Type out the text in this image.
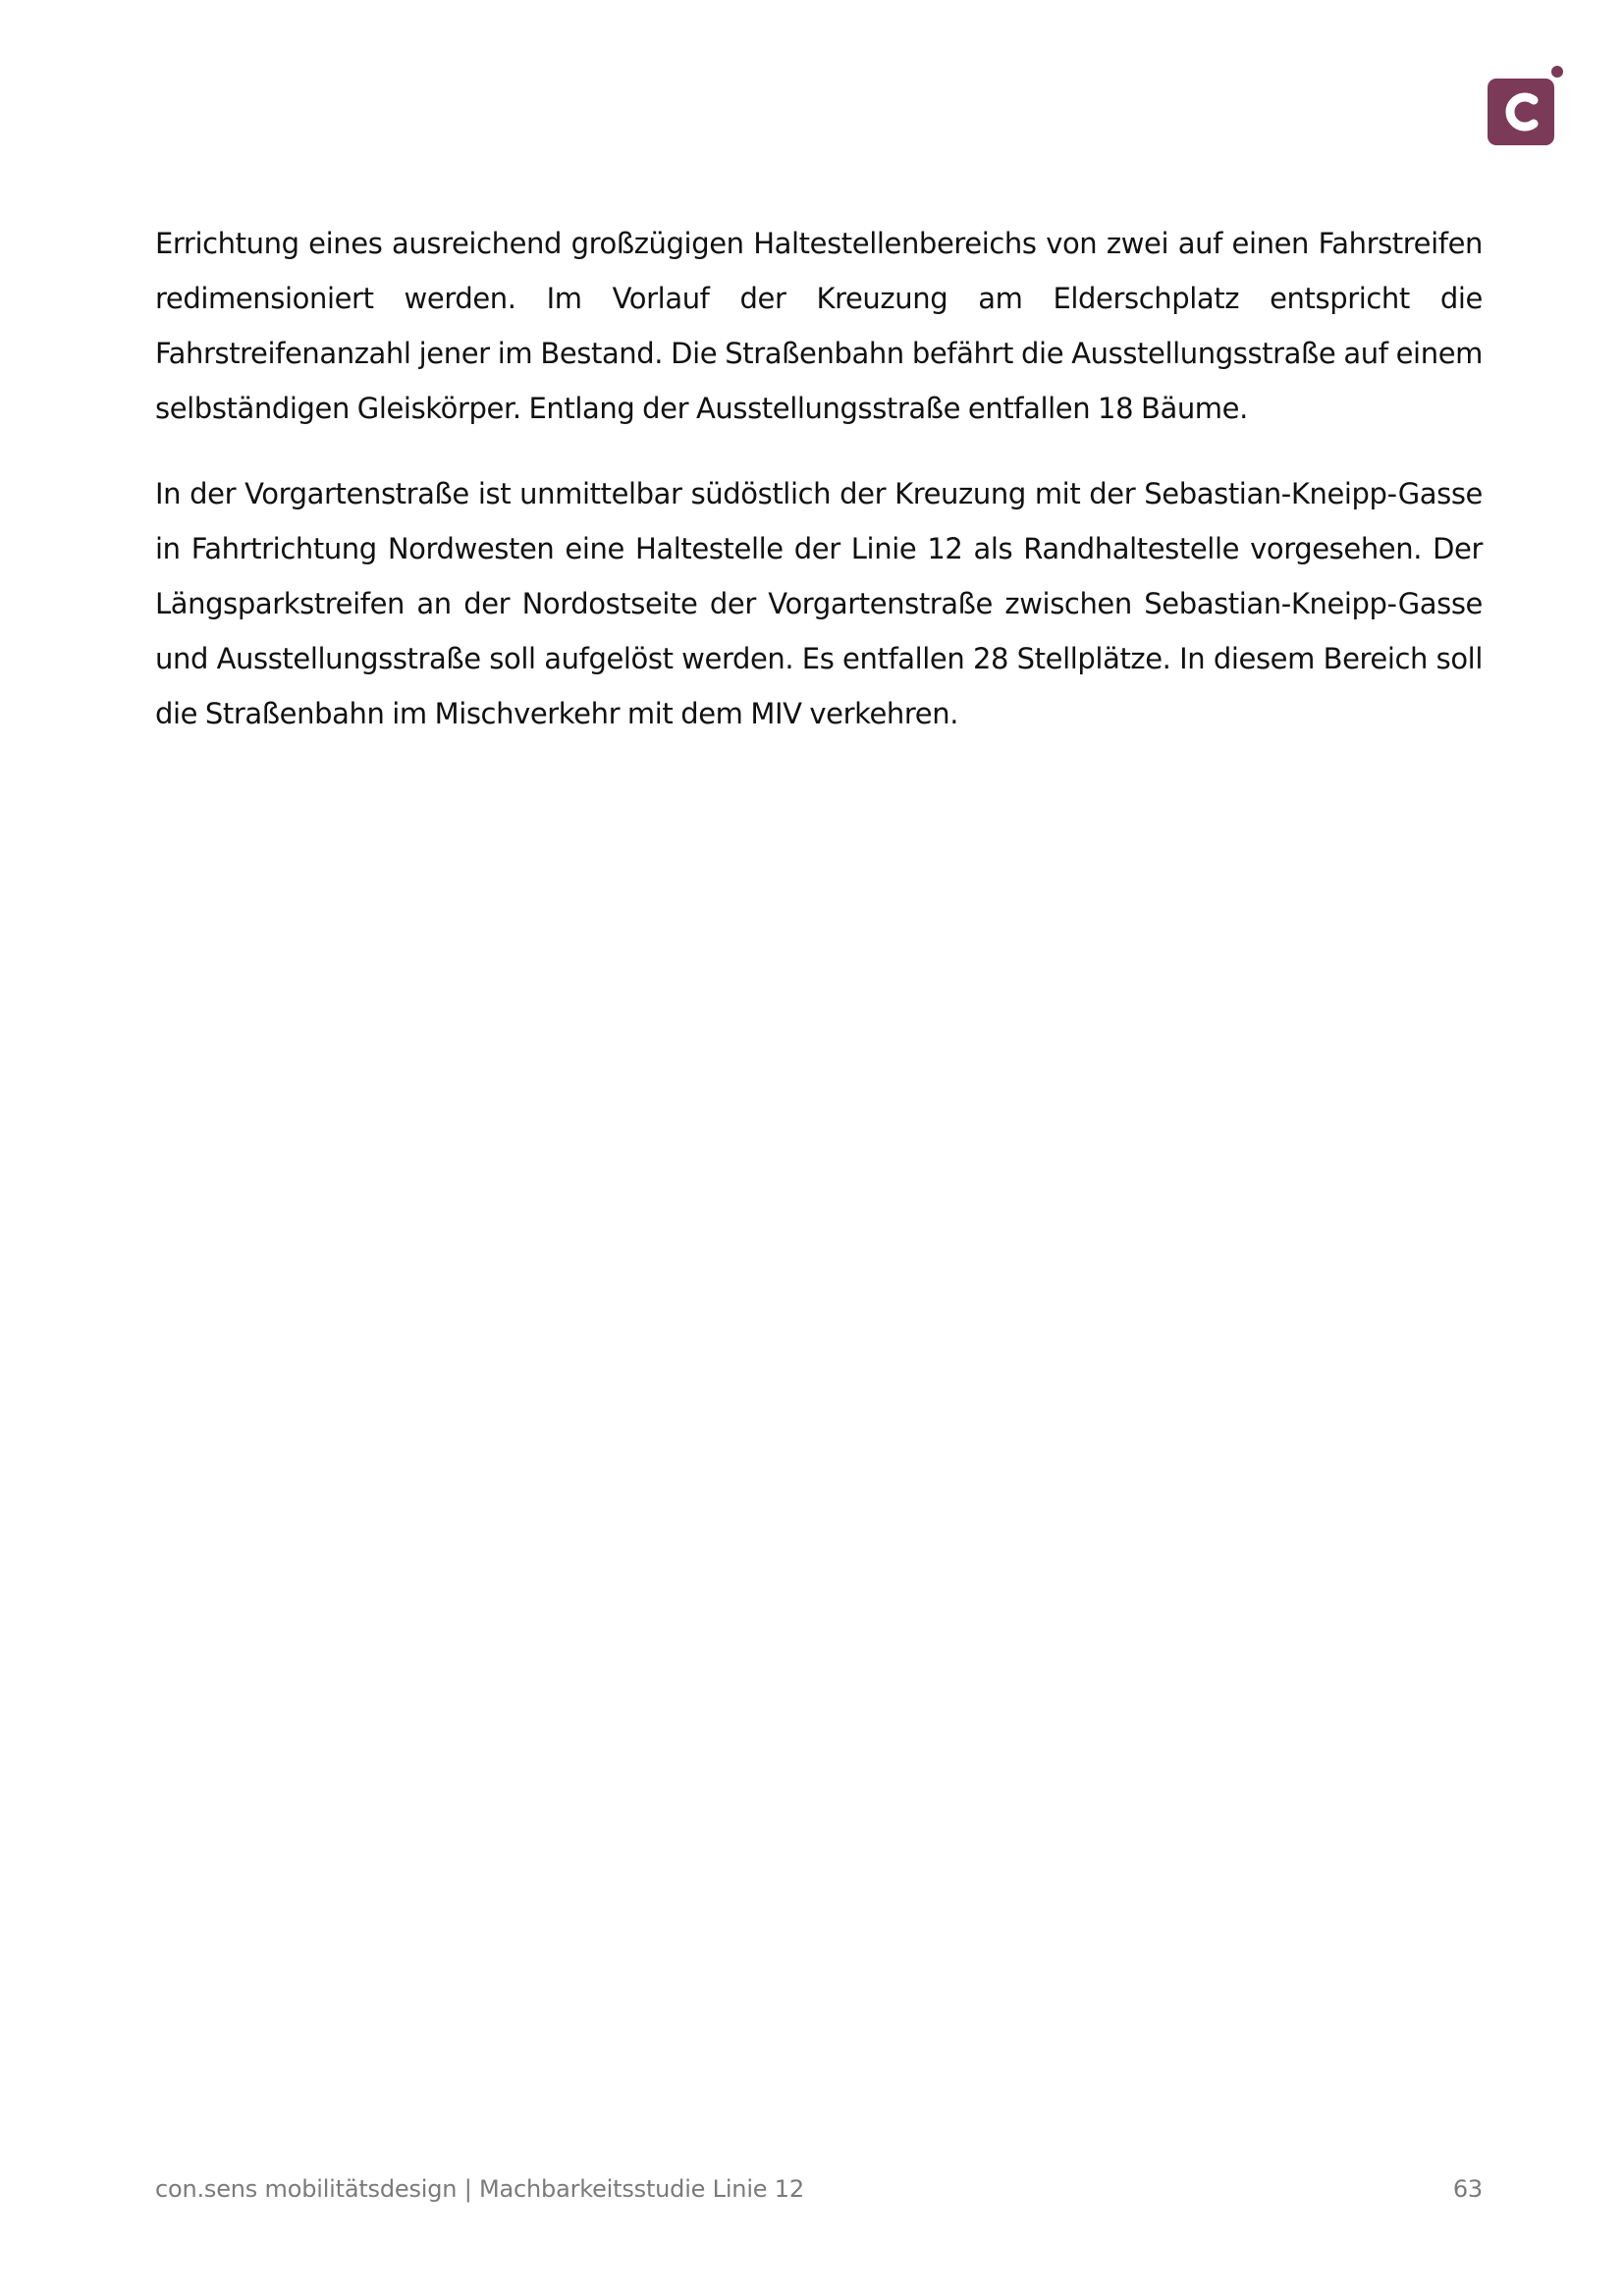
Errichtung eines ausreichend großzügigen Haltestellenbereichs von zwei auf einen Fahrstreifen redimensioniert werden. Im Vorlauf der Kreuzung am Elderschplatz entspricht die Fahrstreifenanzahl jener im Bestand. Die Straßenbahn befährt die Ausstellungsstraße auf einem selbständigen Gleiskörper. Entlang der Ausstellungsstraße entfallen 18 Bäume.

In der Vorgartenstraße ist unmittelbar südöstlich der Kreuzung mit der Sebastian-Kneipp-Gasse in Fahrtrichtung Nordwesten eine Haltestelle der Linie 12 als Randhaltestelle vorgesehen. Der Längsparkstreifen an der Nordostseite der Vorgartenstraße zwischen Sebastian-Kneipp-Gasse und Ausstellungsstraße soll aufgelöst werden. Es entfallen 28 Stellplätze. In diesem Bereich soll die Straßenbahn im Mischverkehr mit dem MIV verkehren.

con.sens mobilitätsdesign | Machbarkeitsstudie Linie 12	63
